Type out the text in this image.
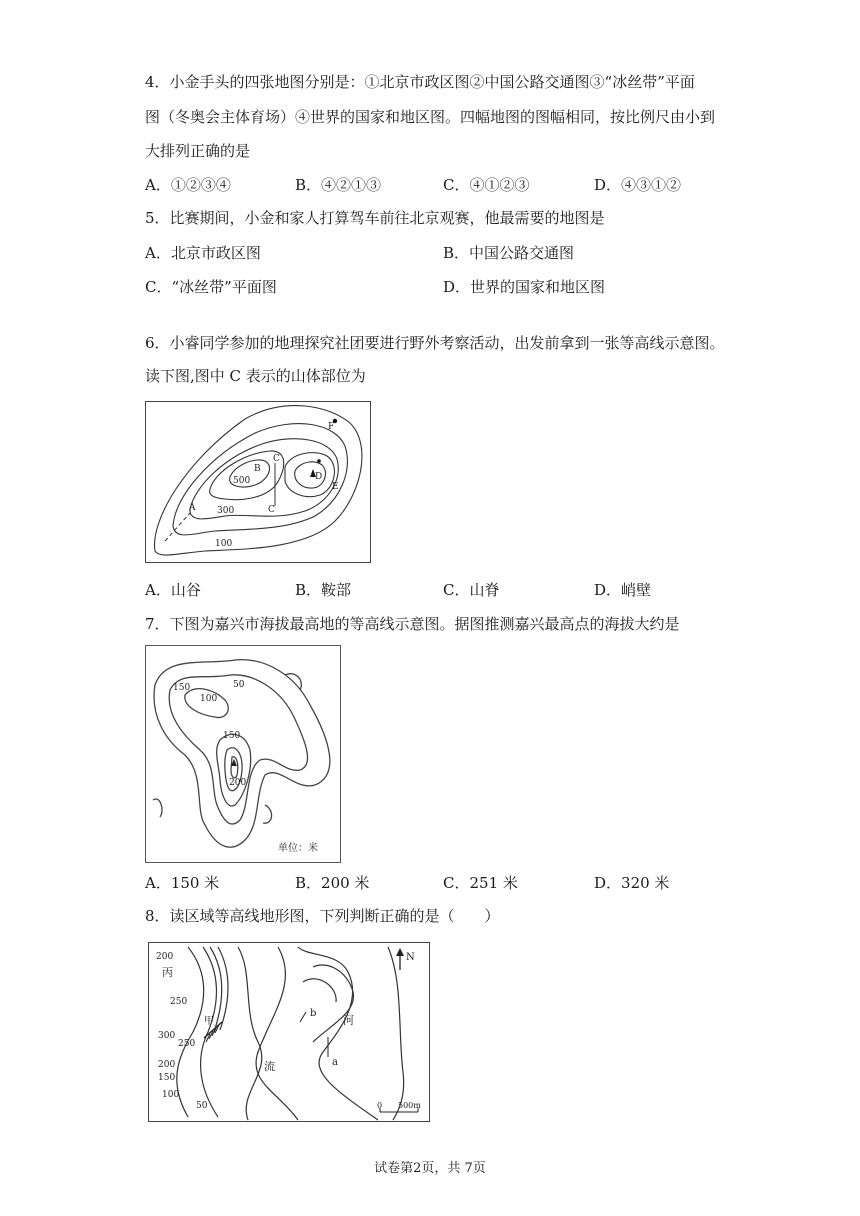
4．小金手头的四张地图分别是：①北京市政区图②中国公路交通图③“冰丝带”平面
图（冬奥会主体育场）④世界的国家和地区图。四幅地图的图幅相同，按比例尺由小到
大排列正确的是
A．①②③④	B．④②①③	C．④①②③	D．④③①②
5．比赛期间，小金和家人打算驾车前往北京观赛，他最需要的地图是
A．北京市政区图	B．中国公路交通图
C．“冰丝带”平面图	D．世界的国家和地区图
6．小睿同学参加的地理探究社团要进行野外考察活动，出发前拿到一张等高线示意图。
读下图,图中 C 表示的山体部位为
B
C
D
F
E
A	C
500
300
100
A．山谷	B．鞍部	C．山脊	D．峭壁
7．下图为嘉兴市海拔最高地的等高线示意图。据图推测嘉兴最高点的海拔大约是
150
100
50
150
200
单位：米
A．150 米	B．200 米	C．251 米	D．320 米
8．读区域等高线地形图，下列判断正确的是（　　）
200
丙
250
300
250
200
150
100
50
甲
b
a
河
流
N
0 500m
试卷第2页，共 7页
